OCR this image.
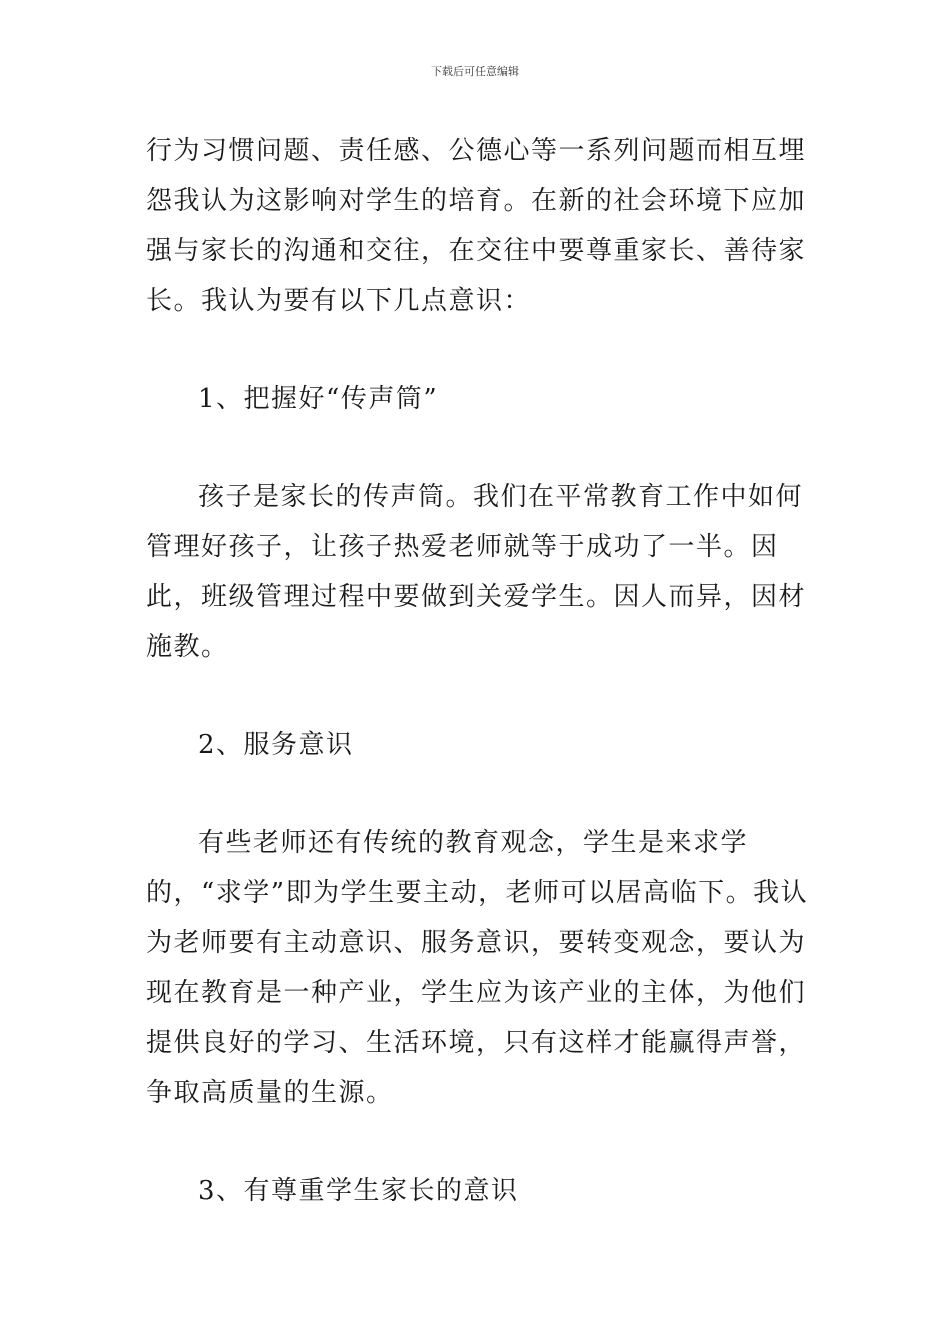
下载后可任意编辑

行为习惯问题、责任感、公德心等一系列问题而相互埋怨我认为这影响对学生的培育。在新的社会环境下应加强与家长的沟通和交往，在交往中要尊重家长、善待家长。我认为要有以下几点意识：

1、把握好“传声筒”

孩子是家长的传声筒。我们在平常教育工作中如何管理好孩子，让孩子热爱老师就等于成功了一半。因此，班级管理过程中要做到关爱学生。因人而异，因材施教。

2、服务意识

有些老师还有传统的教育观念，学生是来求学的，“求学”即为学生要主动，老师可以居高临下。我认为老师要有主动意识、服务意识，要转变观念，要认为现在教育是一种产业，学生应为该产业的主体，为他们提供良好的学习、生活环境，只有这样才能赢得声誉，争取高质量的生源。

3、有尊重学生家长的意识
